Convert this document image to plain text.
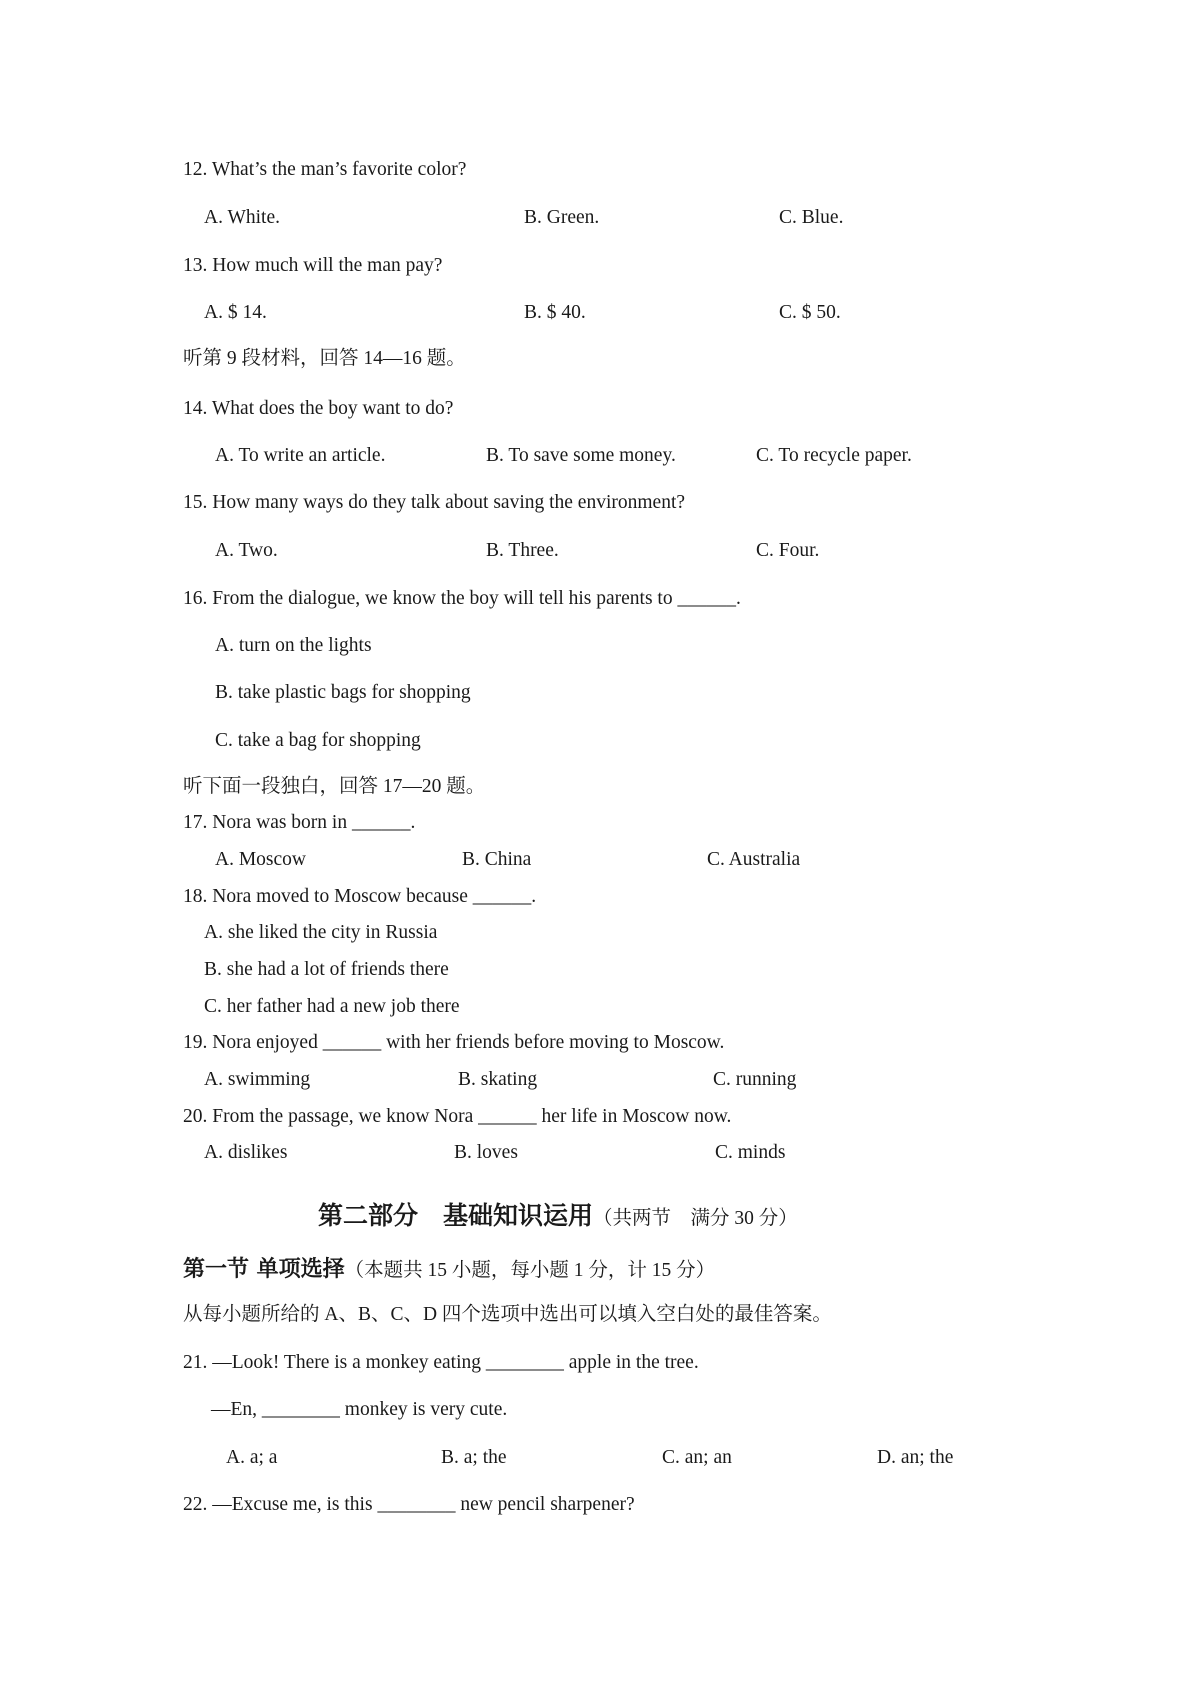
12. What’s the man’s favorite color?
A. White.	B. Green.	C. Blue.
13. How much will the man pay?
A. $ 14.	B. $ 40.	C. $ 50.
听第 9 段材料，回答 14—16 题。
14. What does the boy want to do?
A. To write an article.	B. To save some money.	C. To recycle paper.
15. How many ways do they talk about saving the environment?
A. Two.	B. Three.	C. Four.
16. From the dialogue, we know the boy will tell his parents to ______.
A. turn on the lights
B. take plastic bags for shopping
C. take a bag for shopping
听下面一段独白，回答 17—20 题。
17. Nora was born in ______.
A. Moscow	B. China	C. Australia
18. Nora moved to Moscow because ______.
A. she liked the city in Russia
B. she had a lot of friends there
C. her father had a new job there
19. Nora enjoyed ______ with her friends before moving to Moscow.
A. swimming	B. skating	C. running
20. From the passage, we know Nora ______ her life in Moscow now.
A. dislikes	B. loves	C. minds
第二部分　基础知识运用（共两节　满分 30 分）
第一节 单项选择（本题共 15 小题，每小题 1 分，计 15 分）
从每小题所给的 A、B、C、D 四个选项中选出可以填入空白处的最佳答案。
21. —Look! There is a monkey eating ________ apple in the tree.
—En, ________ monkey is very cute.
A. a; a	B. a; the	C. an; an	D. an; the
22. —Excuse me, is this ________ new pencil sharpener?
